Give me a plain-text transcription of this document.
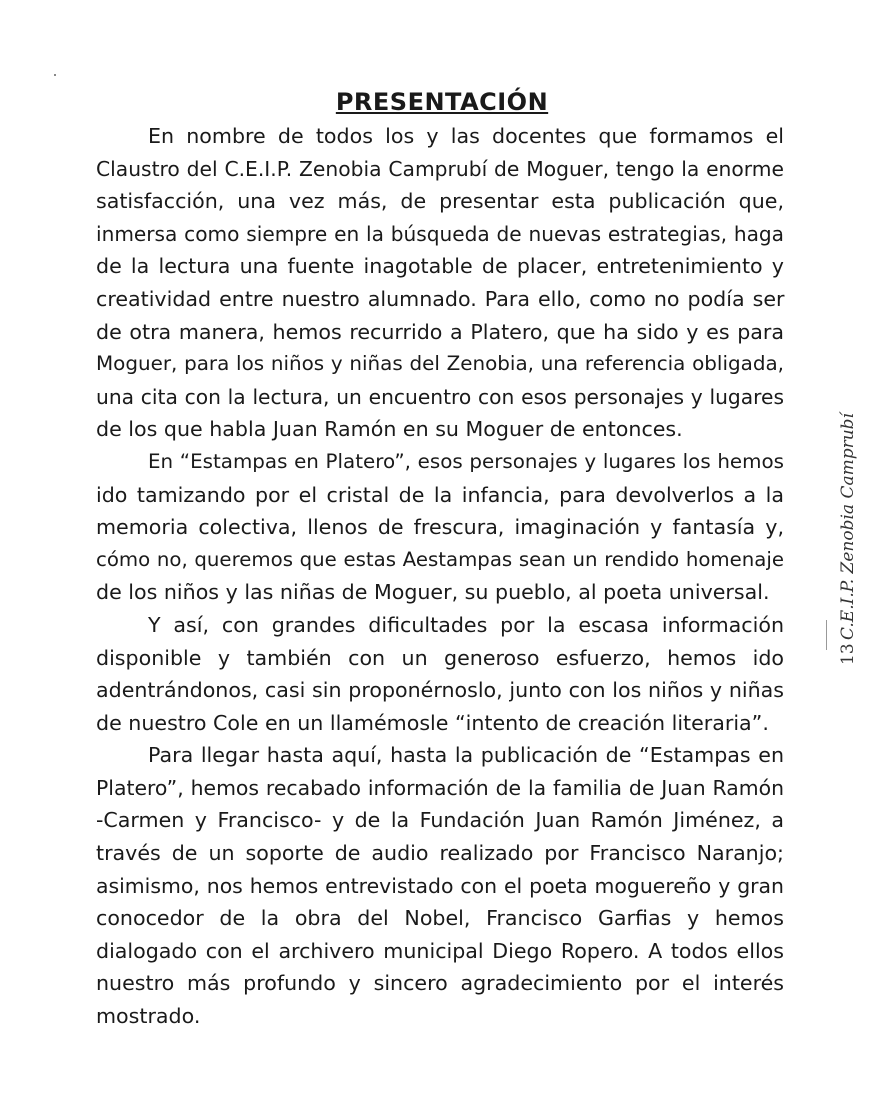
PRESENTACIÓN
En nombre de todos los y las docentes que formamos el
Claustro del C.E.I.P. Zenobia Camprubí de Moguer, tengo la enorme
satisfacción, una vez más, de presentar esta publicación que,
inmersa como siempre en la búsqueda de nuevas estrategias, haga
de la lectura una fuente inagotable de placer, entretenimiento y
creatividad entre nuestro alumnado. Para ello, como no podía ser
de otra manera, hemos recurrido a Platero, que ha sido y es para
Moguer, para los niños y niñas del Zenobia, una referencia obligada,
una cita con la lectura, un encuentro con esos personajes y lugares
de los que habla Juan Ramón en su Moguer de entonces.
En “Estampas en Platero”, esos personajes y lugares los hemos
ido tamizando por el cristal de la infancia, para devolverlos a la
memoria colectiva, llenos de frescura, imaginación y fantasía y,
cómo no, queremos que estas Aestampas sean un rendido homenaje
de los niños y las niñas de Moguer, su pueblo, al poeta universal.
Y así, con grandes dificultades por la escasa información
disponible y también con un generoso esfuerzo, hemos ido
adentrándonos, casi sin proponérnoslo, junto con los niños y niñas
de nuestro Cole en un llamémosle “intento de creación literaria”.
Para llegar hasta aquí, hasta la publicación de “Estampas en
Platero”, hemos recabado información de la familia de Juan Ramón
-Carmen y Francisco- y de la Fundación Juan Ramón Jiménez, a
través de un soporte de audio realizado por Francisco Naranjo;
asimismo, nos hemos entrevistado con el poeta moguereño y gran
conocedor de la obra del Nobel, Francisco Garfias y hemos
dialogado con el archivero municipal Diego Ropero. A todos ellos
nuestro más profundo y sincero agradecimiento por el interés
mostrado.
C.E.I.P. Zenobia Camprubí
13
